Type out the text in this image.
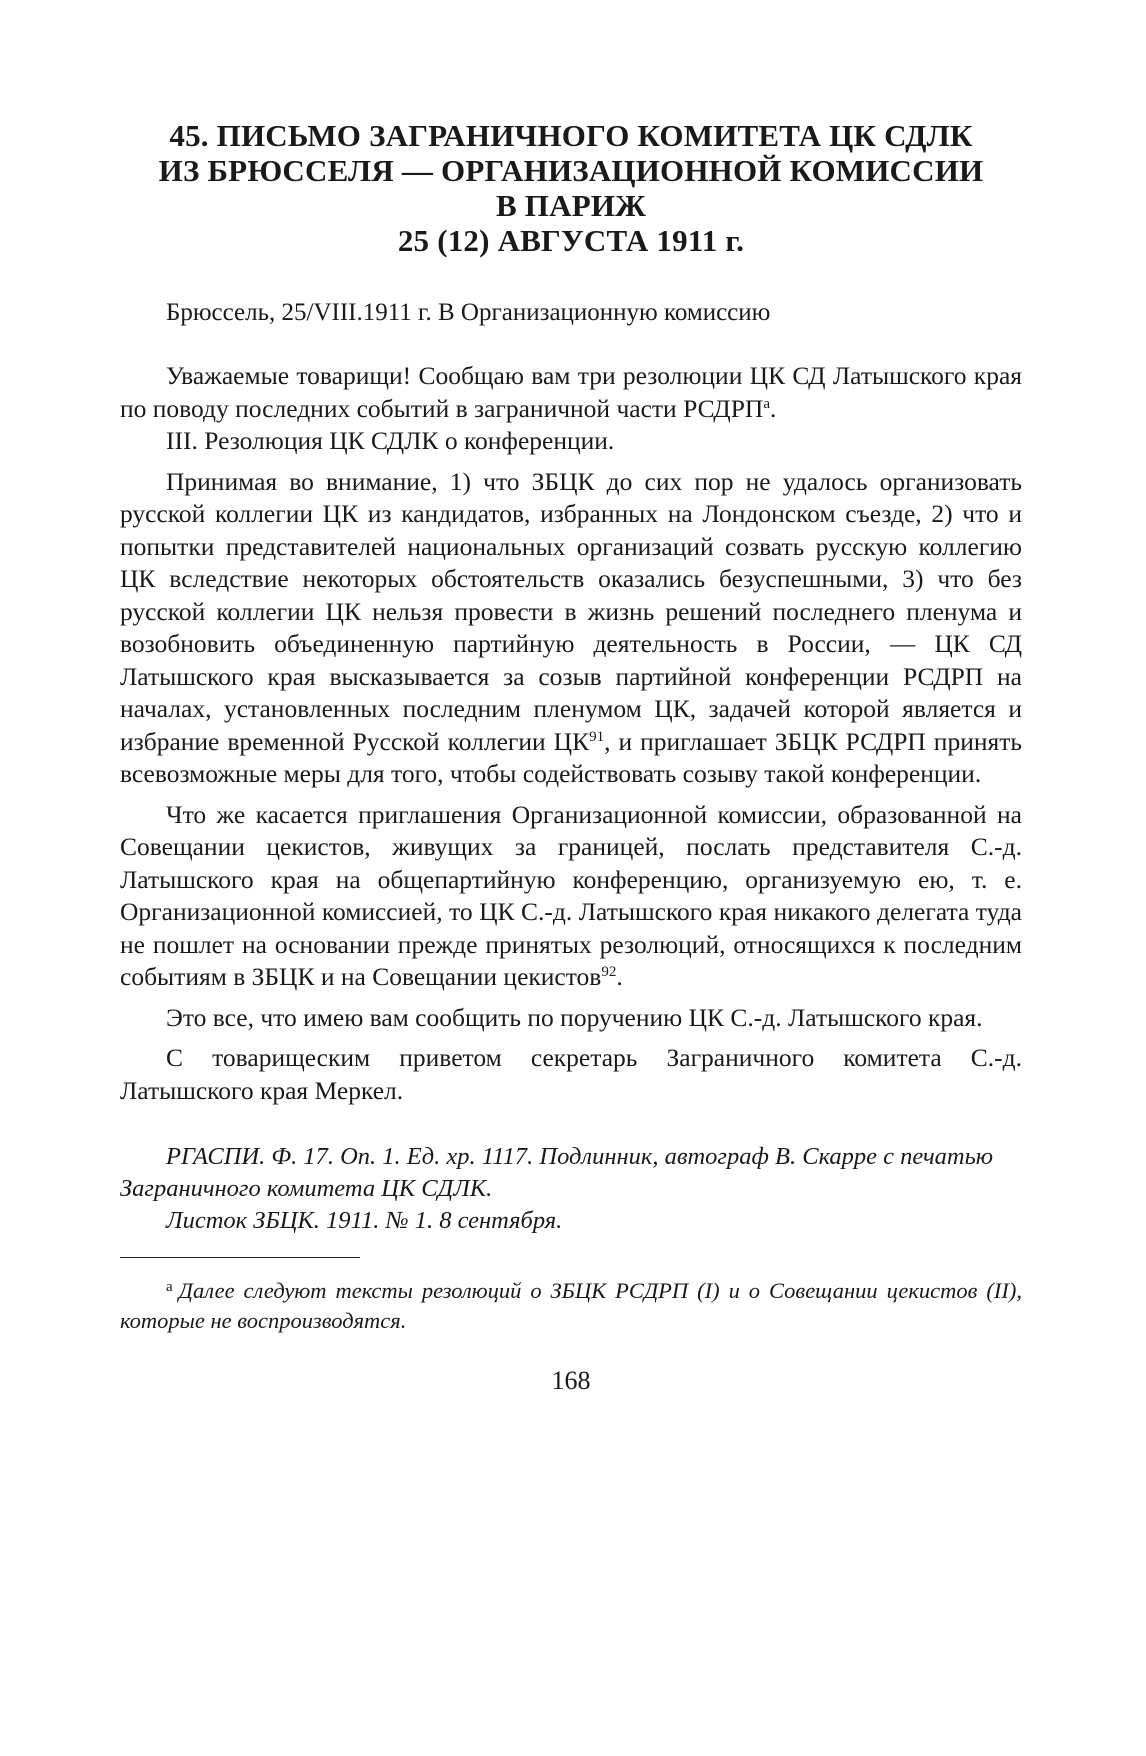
45. ПИСЬМО ЗАГРАНИЧНОГО КОМИТЕТА ЦК СДЛК
ИЗ БРЮССЕЛЯ — ОРГАНИЗАЦИОННОЙ КОМИССИИ
В ПАРИЖ
25 (12) АВГУСТА 1911 г.
Брюссель, 25/VIII.1911 г. В Организационную комиссию

Уважаемые товарищи! Сообщаю вам три резолюции ЦК СД Латышского края по поводу последних событий в заграничной части $РСДРП^а$.

III. Резолюция ЦК СДЛК о конференции.

Принимая во внимание, 1) что ЗБЦК до сих пор не удалось организовать русской коллегии ЦК из кандидатов, избранных на Лондонском съезде, 2) что и попытки представителей национальных организаций созвать русскую коллегию ЦК вследствие некоторых обстоятельств оказались безуспешными, 3) что без русской коллегии ЦК нельзя провести в жизнь решений последнего пленума и возобновить объединенную партийную деятельность в России, — ЦК СД Латышского края высказывается за созыв партийной конференции РСДРП на началах, установленных последним пленумом ЦК, задачей которой является и избрание временной Русской коллегии ЦК$^{91}$, и приглашает ЗБЦК РСДРП принять всевозможные меры для того, чтобы содействовать созыву такой конференции.

Что же касается приглашения Организационной комиссии, образованной на Совещании цекистов, живущих за границей, послать представителя С.-д. Латышского края на общепартийную конференцию, организуемую ею, т. е. Организационной комиссией, то ЦК С.-д. Латышского края никакого делегата туда не пошлет на основании прежде принятых резолюций, относящихся к последним событиям в ЗБЦК и на Совещании цекистов$^{92}$.

Это все, что имею вам сообщить по поручению ЦК С.-д. Латышского края.

С товарищеским приветом секретарь Заграничного комитета С.-д. Латышского края Меркел.

РГАСПИ. Ф. 17. Оп. 1. Ед. хр. 1117. Подлинник, автограф В. Скарре с печатью Заграничного комитета ЦК СДЛК.

Листок ЗБЦК. 1911. № 1. 8 сентября.

$^а$ Далее следуют тексты резолюций о ЗБЦК РСДРП (I) и о Совещании цекистов (II), которые не воспроизводятся.
168
